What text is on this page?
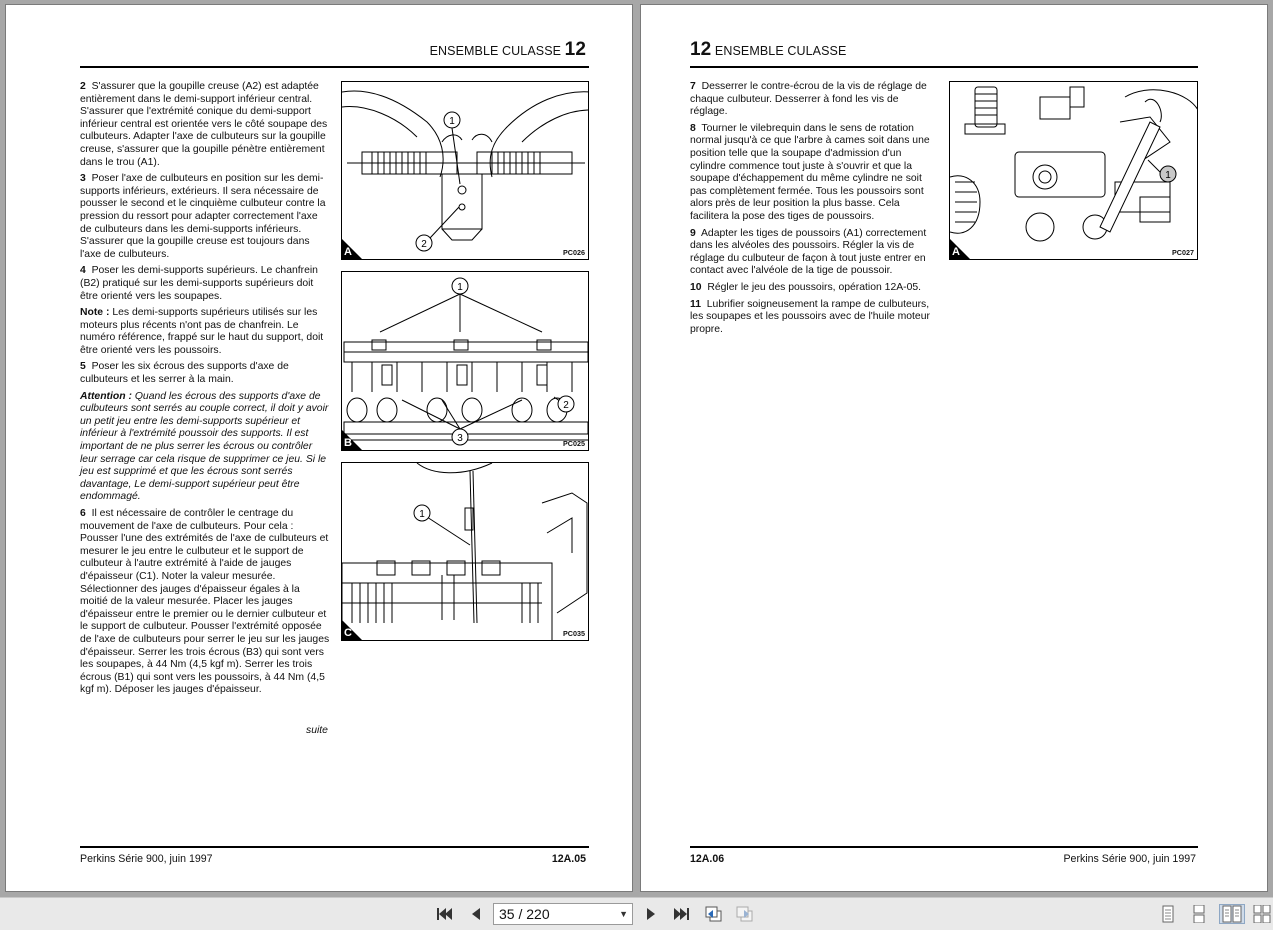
ENSEMBLE CULASSE 12

2 S'assurer que la goupille creuse (A2) est adaptée entièrement dans le demi-support inférieur central. S'assurer que l'extrémité conique du demi-support inférieur central est orientée vers le côté soupape des culbuteurs. Adapter l'axe de culbuteurs sur la goupille creuse, s'assurer que la goupille pénètre entièrement dans le trou (A1).

3 Poser l'axe de culbuteurs en position sur les demi-supports inférieurs, extérieurs. Il sera nécessaire de pousser le second et le cinquième culbuteur contre la pression du ressort pour adapter correctement l'axe de culbuteurs dans les demi-supports inférieurs. S'assurer que la goupille creuse est toujours dans l'axe de culbuteurs.

4 Poser les demi-supports supérieurs. Le chanfrein (B2) pratiqué sur les demi-supports supérieurs doit être orienté vers les soupapes.

Note : Les demi-supports supérieurs utilisés sur les moteurs plus récents n'ont pas de chanfrein. Le numéro référence, frappé sur le haut du support, doit être orienté vers les poussoirs.

5 Poser les six écrous des supports d'axe de culbuteurs et les serrer à la main.

Attention : Quand les écrous des supports d'axe de culbuteurs sont serrés au couple correct, il doit y avoir un petit jeu entre les demi-supports supérieur et inférieur à l'extrémité poussoir des supports. Il est important de ne plus serrer les écrous ou contrôler leur serrage car cela risque de supprimer ce jeu. Si le jeu est supprimé et que les écrous sont serrés davantage, Le demi-support supérieur peut être endommagé.

6 Il est nécessaire de contrôler le centrage du mouvement de l'axe de culbuteurs. Pour cela :

Pousser l'une des extrémités de l'axe de culbuteurs et mesurer le jeu entre le culbuteur et le support de culbuteur à l'autre extrémité à l'aide de jauges d'épaisseur (C1). Noter la valeur mesurée. Sélectionner des jauges d'épaisseur égales à la moitié de la valeur mesurée. Placer les jauges d'épaisseur entre le premier ou le dernier culbuteur et le support de culbuteur. Pousser l'extrémité opposée de l'axe de culbuteurs pour serrer le jeu sur les jauges d'épaisseur. Serrer les trois écrous (B3) qui sont vers les soupapes, à 44 Nm (4,5 kgf m). Serrer les trois écrous (B1) qui sont vers les poussoirs, à 44 Nm (4,5 kgf m). Déposer les jauges d'épaisseur.

suite
1
2
A	PC026
1
2
3
B	PC025
1
C	PC035
Perkins Série 900, juin 1997	12A.05
12 ENSEMBLE CULASSE

7 Desserrer le contre-écrou de la vis de réglage de chaque culbuteur. Desserrer à fond les vis de réglage.

8 Tourner le vilebrequin dans le sens de rotation normal jusqu'à ce que l'arbre à cames soit dans une position telle que la soupape d'admission d'un cylindre commence tout juste à s'ouvrir et que la soupape d'échappement du même cylindre ne soit pas complètement fermée. Tous les poussoirs sont alors près de leur position la plus basse. Cela facilitera la pose des tiges de poussoirs.

9 Adapter les tiges de poussoirs (A1) correctement dans les alvéoles des poussoirs. Régler la vis de réglage du culbuteur de façon à tout juste entrer en contact avec l'alvéole de la tige de poussoir.

10 Régler le jeu des poussoirs, opération 12A-05.

11 Lubrifier soigneusement la rampe de culbuteurs, les soupapes et les poussoirs avec de l'huile moteur propre.

1
A	PC027
12A.06	Perkins Série 900, juin 1997
35 / 220	▼
